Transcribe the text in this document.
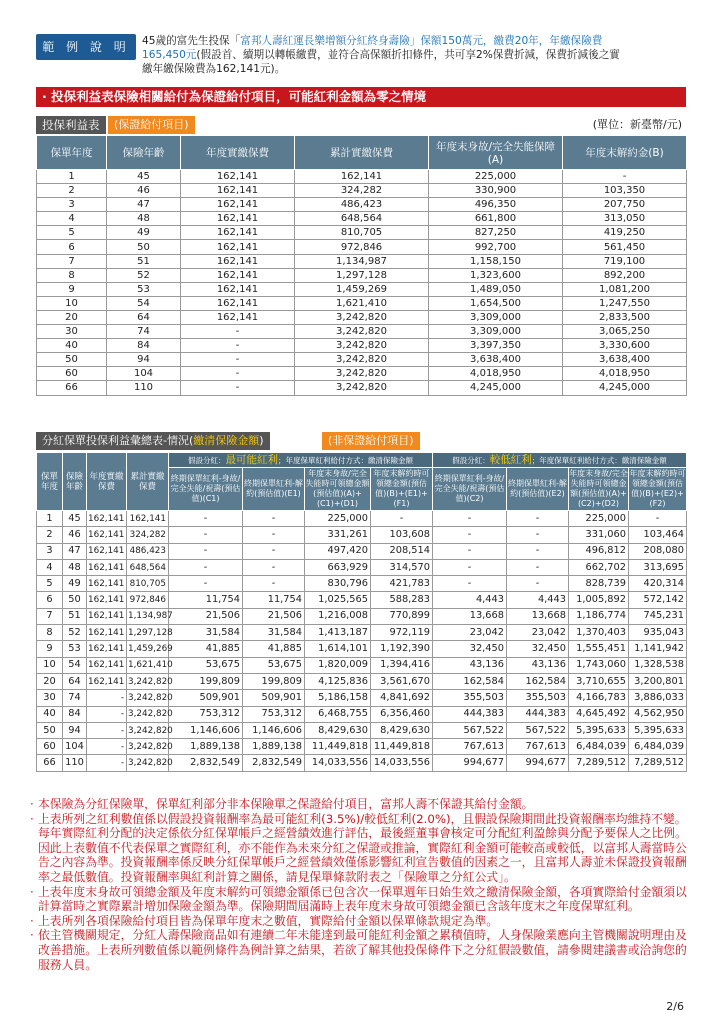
範 例 說 明	45歲的富先生投保「富邦人壽紅運長樂增額分紅終身壽險」保額150萬元，繳費20年，年繳保險費
165,450元(假設首、續期以轉帳繳費，並符合高保額折扣條件，共可享2%保費折減，保費折減後之實
繳年繳保險費為162,141元)。
· 投保利益表保險相關給付為保證給付項目，可能紅利金額為零之情境
投保利益表	(保證給付項目)	(單位：新臺幣/元)
保單年度	保險年齡	年度實繳保費	累計實繳保費	年度末身故/完全失能保障(A)	年度末解約金(B)
1	45	162,141	162,141	225,000	-
2	46	162,141	324,282	330,900	103,350
3	47	162,141	486,423	496,350	207,750
4	48	162,141	648,564	661,800	313,050
5	49	162,141	810,705	827,250	419,250
6	50	162,141	972,846	992,700	561,450
7	51	162,141	1,134,987	1,158,150	719,100
8	52	162,141	1,297,128	1,323,600	892,200
9	53	162,141	1,459,269	1,489,050	1,081,200
10	54	162,141	1,621,410	1,654,500	1,247,550
20	64	162,141	3,242,820	3,309,000	2,833,500
30	74	-	3,242,820	3,309,000	3,065,250
40	84	-	3,242,820	3,397,350	3,330,600
50	94	-	3,242,820	3,638,400	3,638,400
60	104	-	3,242,820	4,018,950	4,018,950
66	110	-	3,242,820	4,245,000	4,245,000
分紅保單投保利益彙總表-情況(繳清保險金額)	(非保證給付項目)
保單年度	保險年齡	年度實繳保費	累計實繳保費	假設分紅：最可能紅利；年度保單紅利給付方式：繳清保險金額				假設分紅：較低紅利；年度保單紅利給付方式：繳清保險金額			
				終期保單紅利-身故/完全失能/祝壽(預估值)(C1)	終期保單紅利-解約(預估值)(E1)	年度末身故/完全失能時可領總金額(預估值)(A)+(C1)+(D1)	年度末解約時可領總金額(預估值)(B)+(E1)+(F1)	終期保單紅利-身故/完全失能/祝壽(預估值)(C2)	終期保單紅利-解約(預估值)(E2)	年度末身故/完全失能時可領總金額(預估值)(A)+(C2)+(D2)	年度末解約時可領總金額(預估值)(B)+(E2)+(F2)
1	45	162,141	162,141	-	-	225,000	-	-	-	225,000	-
2	46	162,141	324,282	-	-	331,261	103,608	-	-	331,060	103,464
3	47	162,141	486,423	-	-	497,420	208,514	-	-	496,812	208,080
4	48	162,141	648,564	-	-	663,929	314,570	-	-	662,702	313,695
5	49	162,141	810,705	-	-	830,796	421,783	-	-	828,739	420,314
6	50	162,141	972,846	11,754	11,754	1,025,565	588,283	4,443	4,443	1,005,892	572,142
7	51	162,141	1,134,987	21,506	21,506	1,216,008	770,899	13,668	13,668	1,186,774	745,231
8	52	162,141	1,297,128	31,584	31,584	1,413,187	972,119	23,042	23,042	1,370,403	935,043
9	53	162,141	1,459,269	41,885	41,885	1,614,101	1,192,390	32,450	32,450	1,555,451	1,141,942
10	54	162,141	1,621,410	53,675	53,675	1,820,009	1,394,416	43,136	43,136	1,743,060	1,328,538
20	64	162,141	3,242,820	199,809	199,809	4,125,836	3,561,670	162,584	162,584	3,710,655	3,200,801
30	74	-	3,242,820	509,901	509,901	5,186,158	4,841,692	355,503	355,503	4,166,783	3,886,033
40	84	-	3,242,820	753,312	753,312	6,468,755	6,356,460	444,383	444,383	4,645,492	4,562,950
50	94	-	3,242,820	1,146,606	1,146,606	8,429,630	8,429,630	567,522	567,522	5,395,633	5,395,633
60	104	-	3,242,820	1,889,138	1,889,138	11,449,818	11,449,818	767,613	767,613	6,484,039	6,484,039
66	110	-	3,242,820	2,832,549	2,832,549	14,033,556	14,033,556	994,677	994,677	7,289,512	7,289,512
· 本保險為分紅保險單，保單紅利部分非本保險單之保證給付項目，富邦人壽不保證其給付金額。
· 上表所列之紅利數值係以假設投資報酬率為最可能紅利(3.5%)/較低紅利(2.0%)，且假設保險期間此投資報酬率均維持不變。每年實際紅利分配的決定係依分紅保單帳戶之經營績效進行評估，最後經董事會核定可分配紅利盈餘與分配予要保人之比例。因此上表數值不代表保單之實際紅利，亦不能作為未來分紅之保證或推論，實際紅利金額可能較高或較低，以富邦人壽當時公告之內容為準。投資報酬率係反映分紅保單帳戶之經營績效僅係影響紅利宣告數值的因素之一，且富邦人壽並未保證投資報酬率之最低數值。投資報酬率與紅利計算之關係，請見保單條款附表之「保險單之分紅公式」。
· 上表年度末身故可領總金額及年度末解約可領總金額係已包含次一保單週年日始生效之繳清保險金額，各項實際給付金額須以計算當時之實際累計增加保險金額為準。保險期間屆滿時上表年度末身故可領總金額已含該年度末之年度保單紅利。
· 上表所列各項保險給付項目皆為保單年度末之數值，實際給付金額以保單條款規定為準。
· 依主管機關規定，分紅人壽保險商品如有連續二年未能達到最可能紅利金額之累積值時，人身保險業應向主管機關說明理由及改善措施。上表所列數值係以範例條件為例計算之結果，若欲了解其他投保條件下之分紅假設數值，請參閱建議書或洽詢您的服務人員。
2/6
